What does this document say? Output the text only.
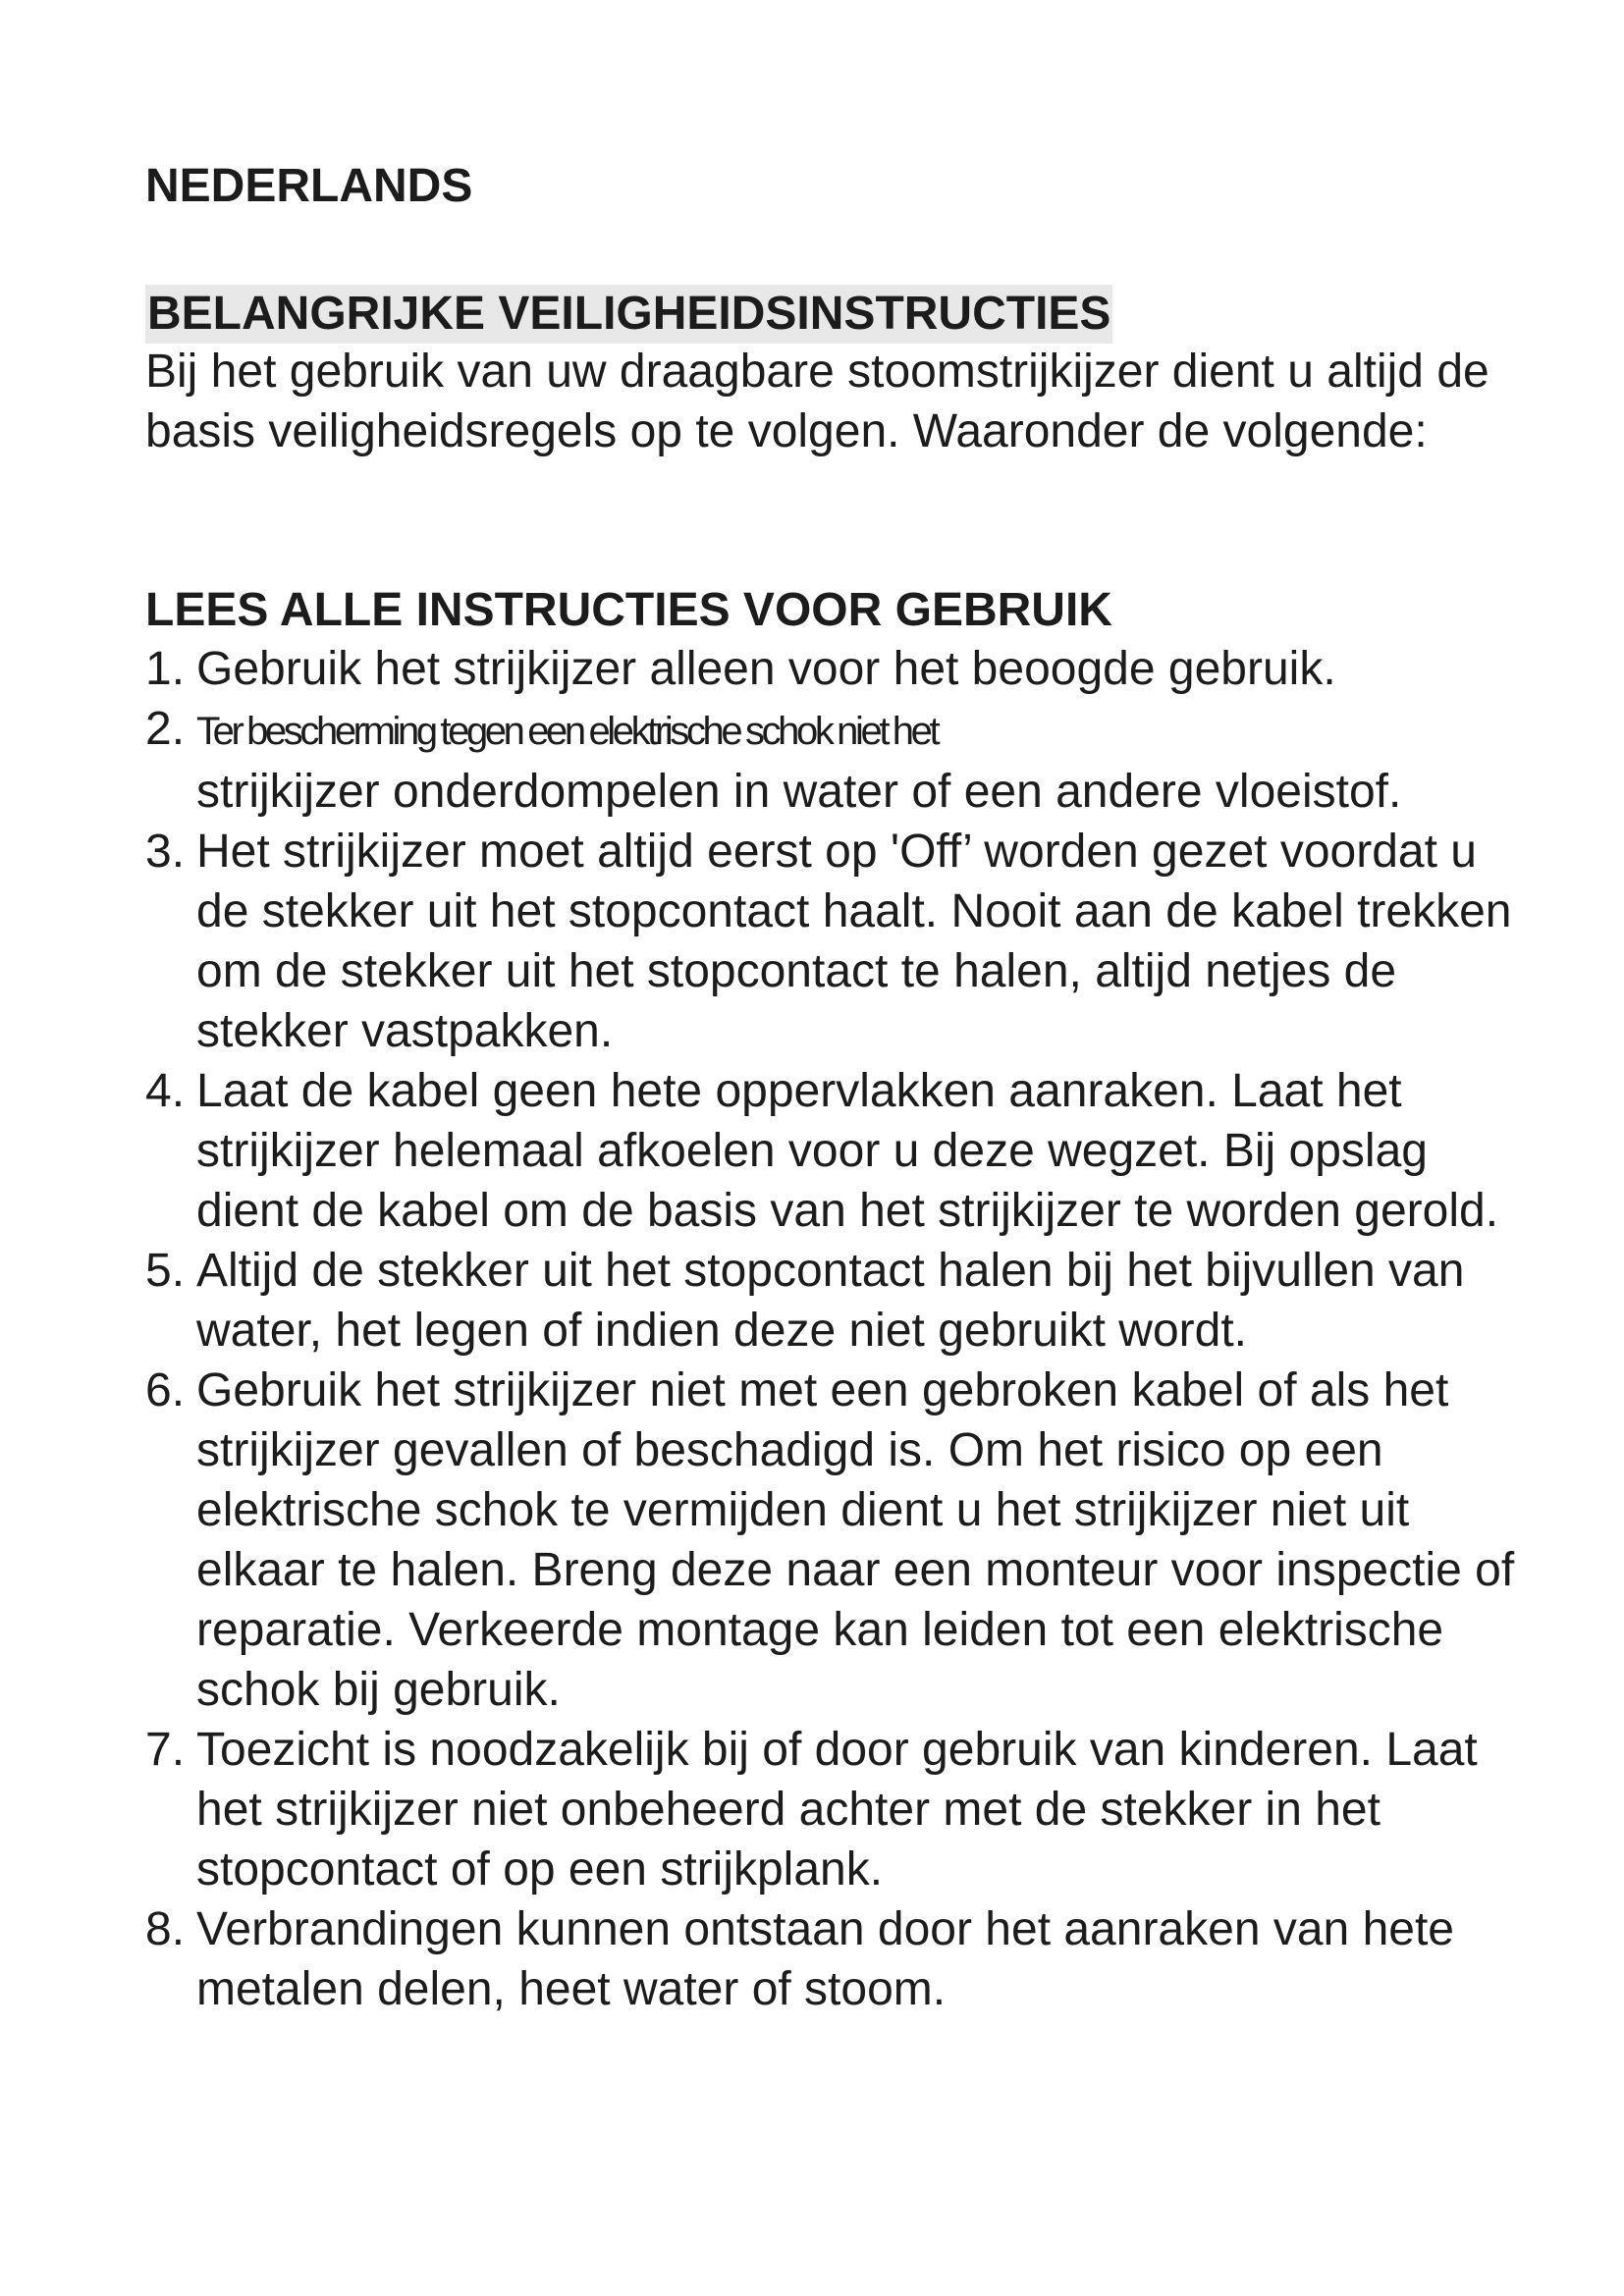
NEDERLANDS
BELANGRIJKE VEILIGHEIDSINSTRUCTIES

Bij het gebruik van uw draagbare stoomstrijkijzer dient u altijd de basis veiligheidsregels op te volgen. Waaronder de volgende:

LEES ALLE INSTRUCTIES VOOR GEBRUIK
1. Gebruik het strijkijzer alleen voor het beoogde gebruik.
2. Ter bescherming tegen een elektrische schok niet het
strijkijzer onderdompelen in water of een andere vloeistof.
3. Het strijkijzer moet altijd eerst op 'Off’ worden gezet voordat u de stekker uit het stopcontact haalt. Nooit aan de kabel trekken om de stekker uit het stopcontact te halen, altijd netjes de stekker vastpakken.
4. Laat de kabel geen hete oppervlakken aanraken. Laat het strijkijzer helemaal afkoelen voor u deze wegzet. Bij opslag dient de kabel om de basis van het strijkijzer te worden gerold.
5. Altijd de stekker uit het stopcontact halen bij het bijvullen van water, het legen of indien deze niet gebruikt wordt.
6. Gebruik het strijkijzer niet met een gebroken kabel of als het strijkijzer gevallen of beschadigd is. Om het risico op een elektrische schok te vermijden dient u het strijkijzer niet uit elkaar te halen. Breng deze naar een monteur voor inspectie of reparatie. Verkeerde montage kan leiden tot een elektrische schok bij gebruik.
7. Toezicht is noodzakelijk bij of door gebruik van kinderen. Laat het strijkijzer niet onbeheerd achter met de stekker in het stopcontact of op een strijkplank.
8. Verbrandingen kunnen ontstaan door het aanraken van hete metalen delen, heet water of stoom.
